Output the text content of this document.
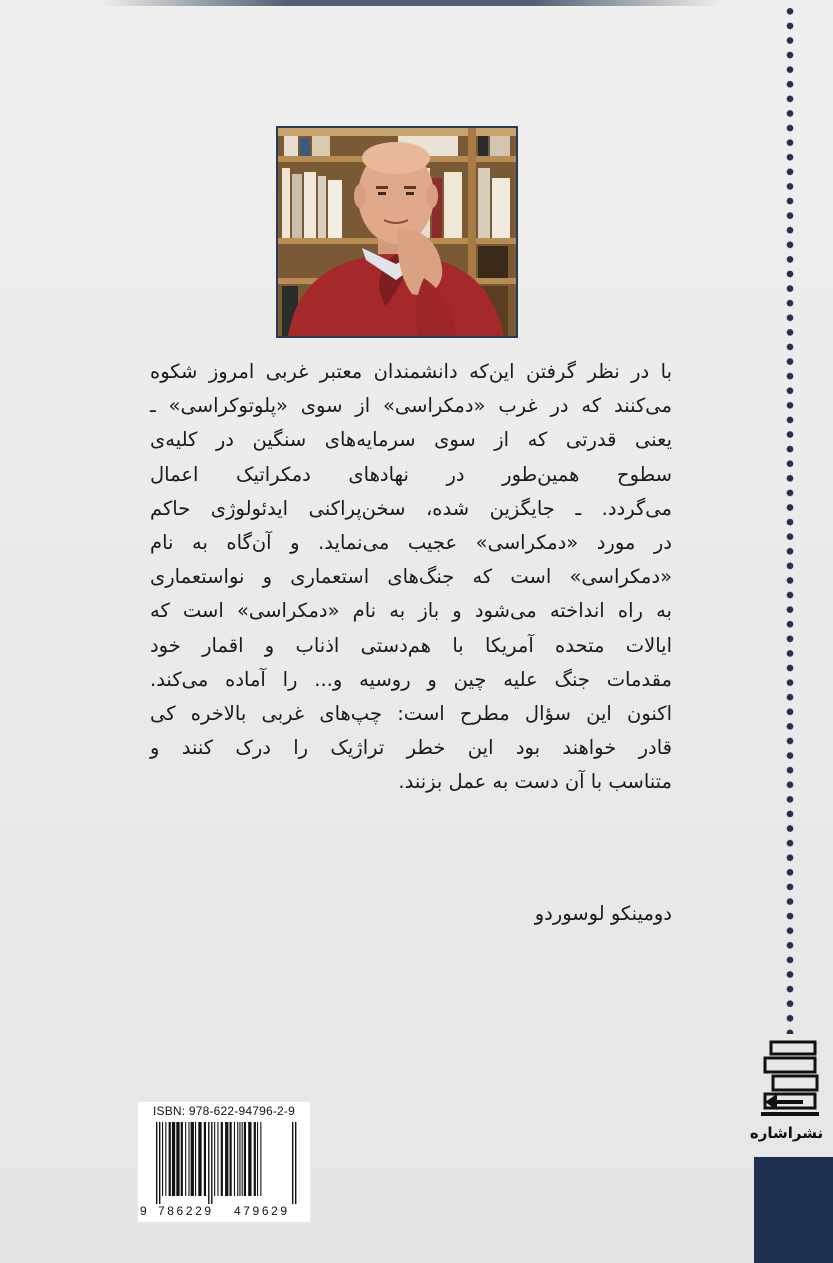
با در نظر گرفتن این‌که دانشمندان معتبر غربی امروز شکوه
می‌کنند که در غرب «دمکراسی» از سوی «پلوتوکراسی» ـ
یعنی قدرتی که از سوی سرمایه‌های سنگین در کلیه‌ی
سطوح همین‌طور در نهادهای دمکراتیک اعمال
می‌گردد. ـ جایگزین شده، سخن‌پراکنی ایدئولوژی حاکم
در مورد «دمکراسی» عجیب می‌نماید. و آن‌گاه به نام
«دمکراسی» است که جنگ‌های استعماری و نواستعماری
به راه انداخته می‌شود و باز به نام «دمکراسی» است که
ایالات متحده آمریکا با هم‌دستی اذناب و اقمار خود
مقدمات جنگ علیه چین و روسیه و... را آماده می‌کند.
اکنون این سؤال مطرح است: چپ‌های غربی بالاخره کی
قادر خواهند بود این خطر تراژیک را درک کنند و
متناسب با آن دست به عمل بزنند.
دومینکو لوسوردو
نشراشاره
ISBN: 978-622-94796-2-9
9 786229 479629
